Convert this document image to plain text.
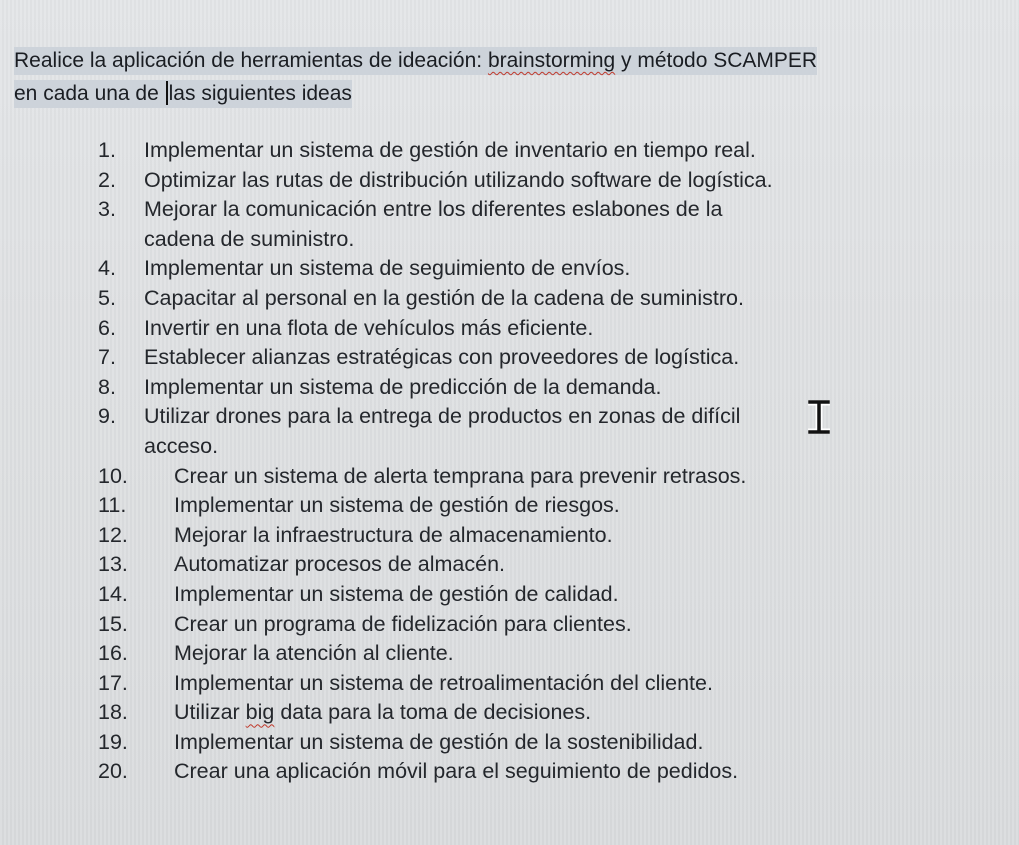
Realice la aplicación de herramientas de ideación: brainstorming y método SCAMPER
en cada una de las siguientes ideas
1. Implementar un sistema de gestión de inventario en tiempo real.
2. Optimizar las rutas de distribución utilizando software de logística.
3. Mejorar la comunicación entre los diferentes eslabones de la
cadena de suministro.
4. Implementar un sistema de seguimiento de envíos.
5. Capacitar al personal en la gestión de la cadena de suministro.
6. Invertir en una flota de vehículos más eficiente.
7. Establecer alianzas estratégicas con proveedores de logística.
8. Implementar un sistema de predicción de la demanda.
9. Utilizar drones para la entrega de productos en zonas de difícil
acceso.
10. Crear un sistema de alerta temprana para prevenir retrasos.
11. Implementar un sistema de gestión de riesgos.
12. Mejorar la infraestructura de almacenamiento.
13. Automatizar procesos de almacén.
14. Implementar un sistema de gestión de calidad.
15. Crear un programa de fidelización para clientes.
16. Mejorar la atención al cliente.
17. Implementar un sistema de retroalimentación del cliente.
18. Utilizar big data para la toma de decisiones.
19. Implementar un sistema de gestión de la sostenibilidad.
20. Crear una aplicación móvil para el seguimiento de pedidos.
